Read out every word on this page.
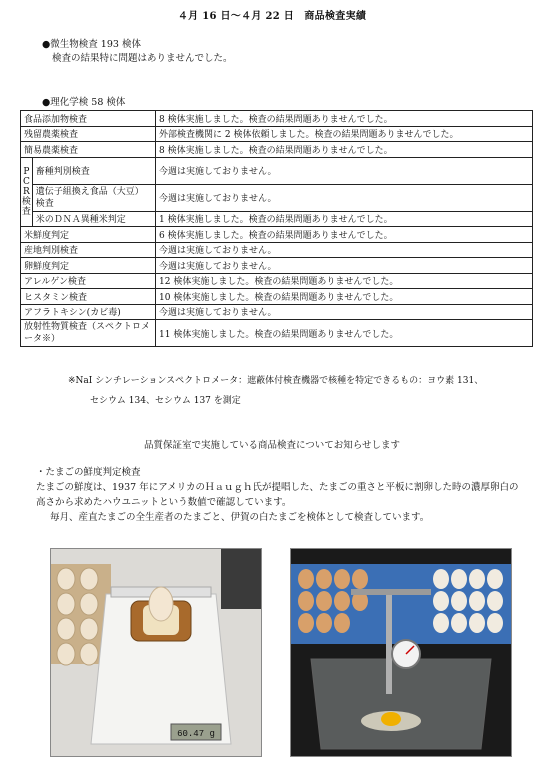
４月 16 日〜４月 22 日　商品検査実績
●微生物検査 193 検体
検査の結果特に問題はありませんでした。
●理化学検 58 検体
食品添加物検査		8 検体実施しました。検査の結果問題ありませんでした。
残留農薬検査		外部検査機関に 2 検体依頼しました。検査の結果問題ありませんでした。
簡易農薬検査		8 検体実施しました。検査の結果問題ありませんでした。
P
C
R
検
査	畜種判別検査	今週は実施しておりません。
	遺伝子組換え食品（大豆）検査	今週は実施しておりません。
	米のＤＮＡ異種米判定	1 検体実施しました。検査の結果問題ありませんでした。
米鮮度判定		6 検体実施しました。検査の結果問題ありませんでした。
産地判別検査		今週は実施しておりません。
卵鮮度判定		今週は実施しておりません。
アレルゲン検査		12 検体実施しました。検査の結果問題ありませんでした。
ヒスタミン検査		10 検体実施しました。検査の結果問題ありませんでした。
アフラトキシン(カビ毒)		今週は実施しておりません。
放射性物質検査（スペクトロメータ※）		11 検体実施しました。検査の結果問題ありませんでした。
※NaI シンチレーションスペクトロメータ：遮蔽体付検査機器で核種を特定できるもの：ヨウ素 131、
セシウム 134、セシウム 137 を測定
品質保証室で実施している商品検査についてお知らせします
・たまごの鮮度判定検査
たまごの鮮度は、1937 年にアメリカのＨａｕｇｈ氏が提唱した、たまごの重さと平板に割卵した時の濃厚卵白の高さから求めたハウユニットという数値で確認しています。
毎月、産直たまごの全生産者のたまごと、伊賀の白たまごを検体として検査しています。
60.47 g
